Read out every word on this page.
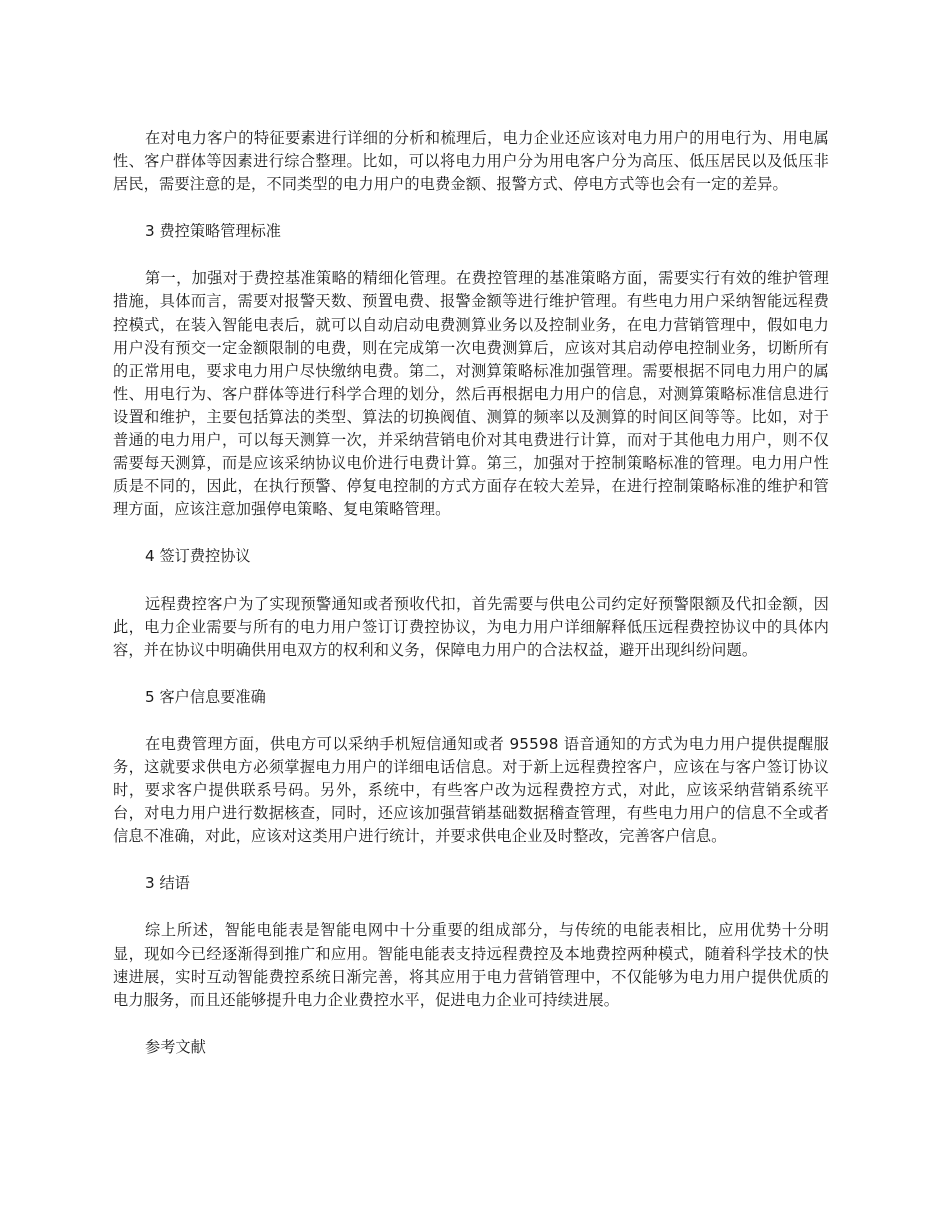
在对电力客户的特征要素进行详细的分析和梳理后，电力企业还应该对电力用户的用电行为、用电属性、客户群体等因素进行综合整理。比如，可以将电力用户分为用电客户分为高压、低压居民以及低压非居民，需要注意的是，不同类型的电力用户的电费金额、报警方式、停电方式等也会有一定的差异。

3 费控策略管理标准

第一，加强对于费控基准策略的精细化管理。在费控管理的基准策略方面，需要实行有效的维护管理措施，具体而言，需要对报警天数、预置电费、报警金额等进行维护管理。有些电力用户采纳智能远程费控模式，在装入智能电表后，就可以自动启动电费测算业务以及控制业务，在电力营销管理中，假如电力用户没有预交一定金额限制的电费，则在完成第一次电费测算后，应该对其启动停电控制业务，切断所有的正常用电，要求电力用户尽快缴纳电费。第二，对测算策略标准加强管理。需要根据不同电力用户的属性、用电行为、客户群体等进行科学合理的划分，然后再根据电力用户的信息，对测算策略标准信息进行设置和维护，主要包括算法的类型、算法的切换阀值、测算的频率以及测算的时间区间等等。比如，对于普通的电力用户，可以每天测算一次，并采纳营销电价对其电费进行计算，而对于其他电力用户，则不仅需要每天测算，而是应该采纳协议电价进行电费计算。第三，加强对于控制策略标准的管理。电力用户性质是不同的，因此，在执行预警、停复电控制的方式方面存在较大差异，在进行控制策略标准的维护和管理方面，应该注意加强停电策略、复电策略管理。

4 签订费控协议

远程费控客户为了实现预警通知或者预收代扣，首先需要与供电公司约定好预警限额及代扣金额，因此，电力企业需要与所有的电力用户签订订费控协议，为电力用户详细解释低压远程费控协议中的具体内容，并在协议中明确供用电双方的权利和义务，保障电力用户的合法权益，避开出现纠纷问题。

5 客户信息要准确

在电费管理方面，供电方可以采纳手机短信通知或者 95598 语音通知的方式为电力用户提供提醒服务，这就要求供电方必须掌握电力用户的详细电话信息。对于新上远程费控客户，应该在与客户签订协议时，要求客户提供联系号码。另外，系统中，有些客户改为远程费控方式，对此，应该采纳营销系统平台，对电力用户进行数据核查，同时，还应该加强营销基础数据稽查管理，有些电力用户的信息不全或者信息不准确，对此，应该对这类用户进行统计，并要求供电企业及时整改，完善客户信息。

3 结语

综上所述，智能电能表是智能电网中十分重要的组成部分，与传统的电能表相比，应用优势十分明显，现如今已经逐渐得到推广和应用。智能电能表支持远程费控及本地费控两种模式，随着科学技术的快速进展，实时互动智能费控系统日渐完善，将其应用于电力营销管理中，不仅能够为电力用户提供优质的电力服务，而且还能够提升电力企业费控水平，促进电力企业可持续进展。

参考文献
